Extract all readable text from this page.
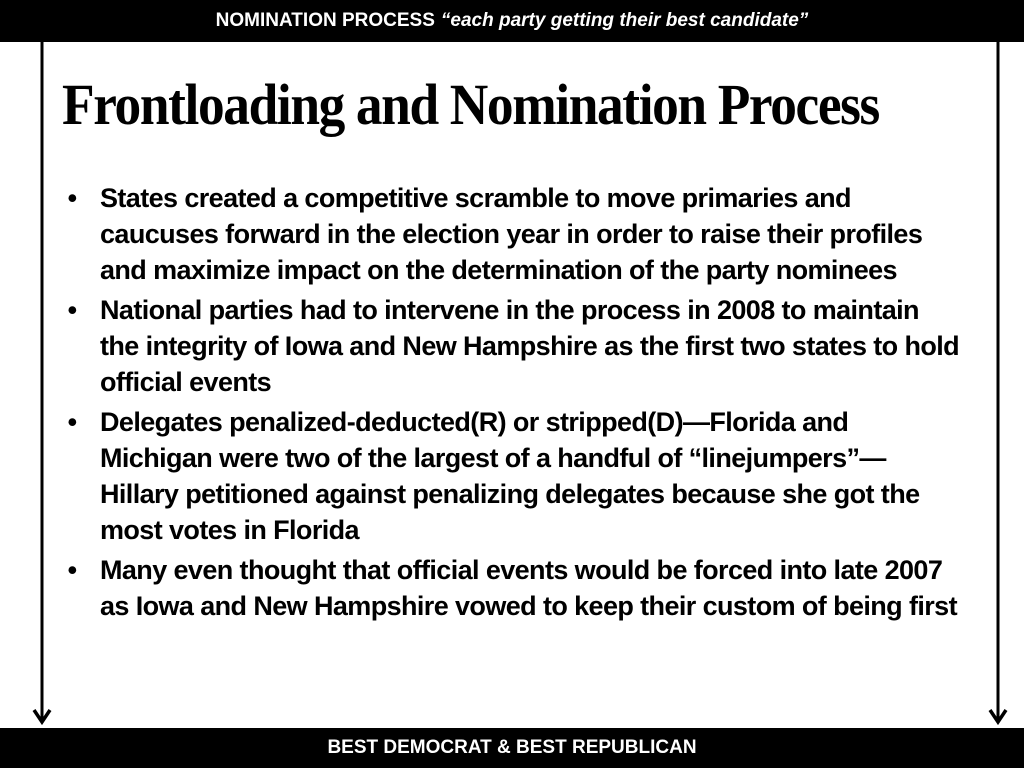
NOMINATION PROCESS “each party getting their best candidate”
Frontloading and Nomination Process
• States created a competitive scramble to move primaries and caucuses forward in the election year in order to raise their profiles and maximize impact on the determination of the party nominees
• National parties had to intervene in the process in 2008 to maintain the integrity of Iowa and New Hampshire as the first two states to hold official events
• Delegates penalized-deducted(R) or stripped(D)—Florida and Michigan were two of the largest of a handful of “linejumpers”—Hillary petitioned against penalizing delegates because she got the most votes in Florida
• Many even thought that official events would be forced into late 2007 as Iowa and New Hampshire vowed to keep their custom of being first
BEST DEMOCRAT & BEST REPUBLICAN
